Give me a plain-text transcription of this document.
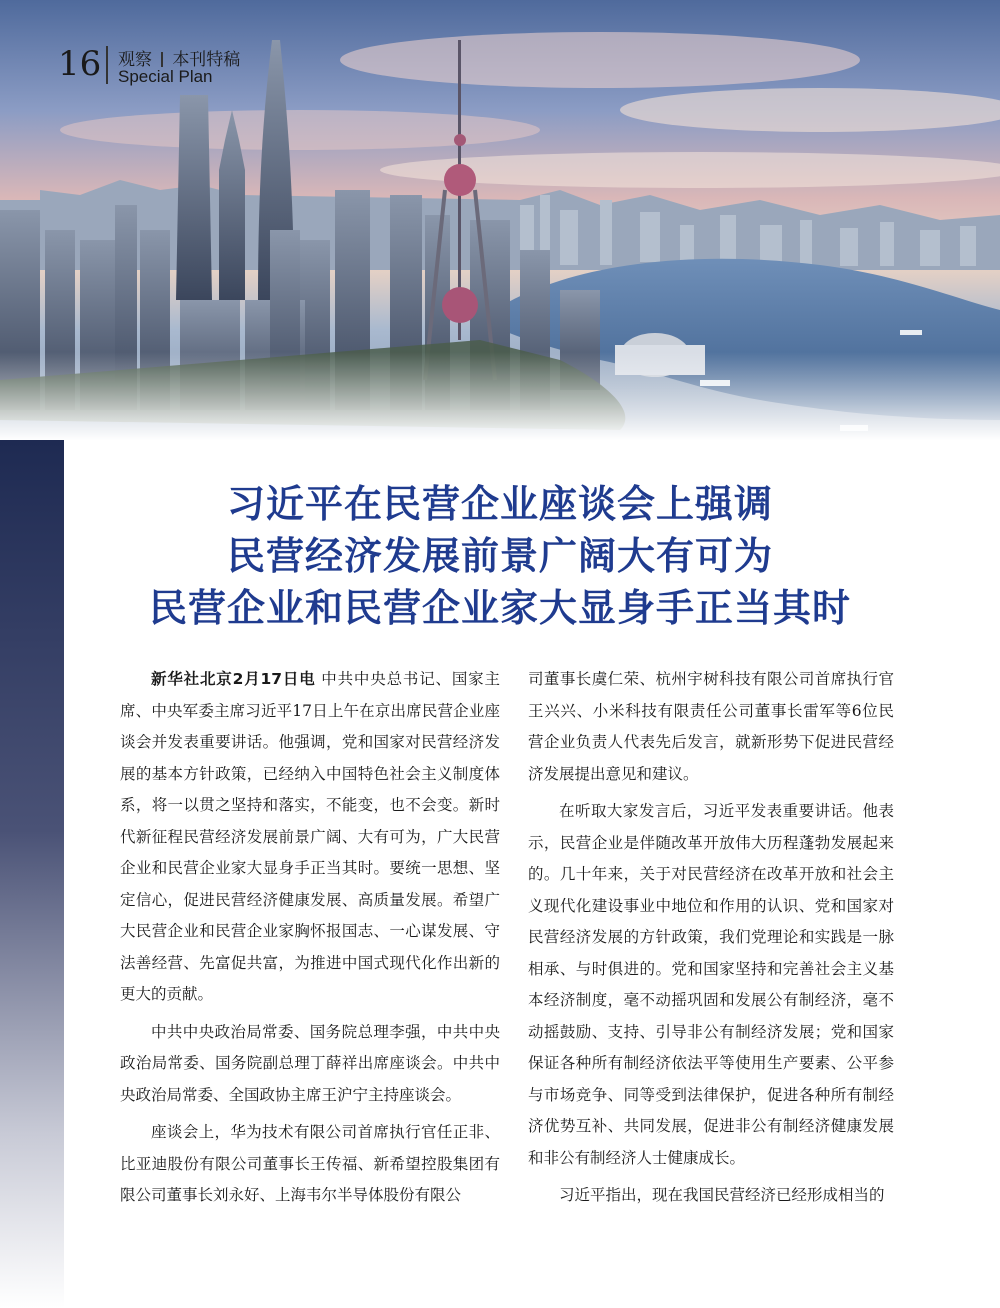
16 观察 本刊特稿
Special Plan
习近平在民营企业座谈会上强调
民营经济发展前景广阔大有可为
民营企业和民营企业家大显身手正当其时

新华社北京2月17日电 中共中央总书记、国家主席、中央军委主席习近平17日上午在京出席民营企业座谈会并发表重要讲话。他强调，党和国家对民营经济发展的基本方针政策，已经纳入中国特色社会主义制度体系，将一以贯之坚持和落实，不能变，也不会变。新时代新征程民营经济发展前景广阔、大有可为，广大民营企业和民营企业家大显身手正当其时。要统一思想、坚定信心，促进民营经济健康发展、高质量发展。希望广大民营企业和民营企业家胸怀报国志、一心谋发展、守法善经营、先富促共富，为推进中国式现代化作出新的更大的贡献。

中共中央政治局常委、国务院总理李强，中共中央政治局常委、国务院副总理丁薛祥出席座谈会。中共中央政治局常委、全国政协主席王沪宁主持座谈会。

座谈会上，华为技术有限公司首席执行官任正非、比亚迪股份有限公司董事长王传福、新希望控股集团有限公司董事长刘永好、上海韦尔半导体股份有限公

司董事长虞仁荣、杭州宇树科技有限公司首席执行官王兴兴、小米科技有限责任公司董事长雷军等6位民营企业负责人代表先后发言，就新形势下促进民营经济发展提出意见和建议。

在听取大家发言后，习近平发表重要讲话。他表示，民营企业是伴随改革开放伟大历程蓬勃发展起来的。几十年来，关于对民营经济在改革开放和社会主义现代化建设事业中地位和作用的认识、党和国家对民营经济发展的方针政策，我们党理论和实践是一脉相承、与时俱进的。党和国家坚持和完善社会主义基本经济制度，毫不动摇巩固和发展公有制经济，毫不动摇鼓励、支持、引导非公有制经济发展；党和国家保证各种所有制经济依法平等使用生产要素、公平参与市场竞争、同等受到法律保护，促进各种所有制经济优势互补、共同发展，促进非公有制经济健康发展和非公有制经济人士健康成长。

习近平指出，现在我国民营经济已经形成相当的
